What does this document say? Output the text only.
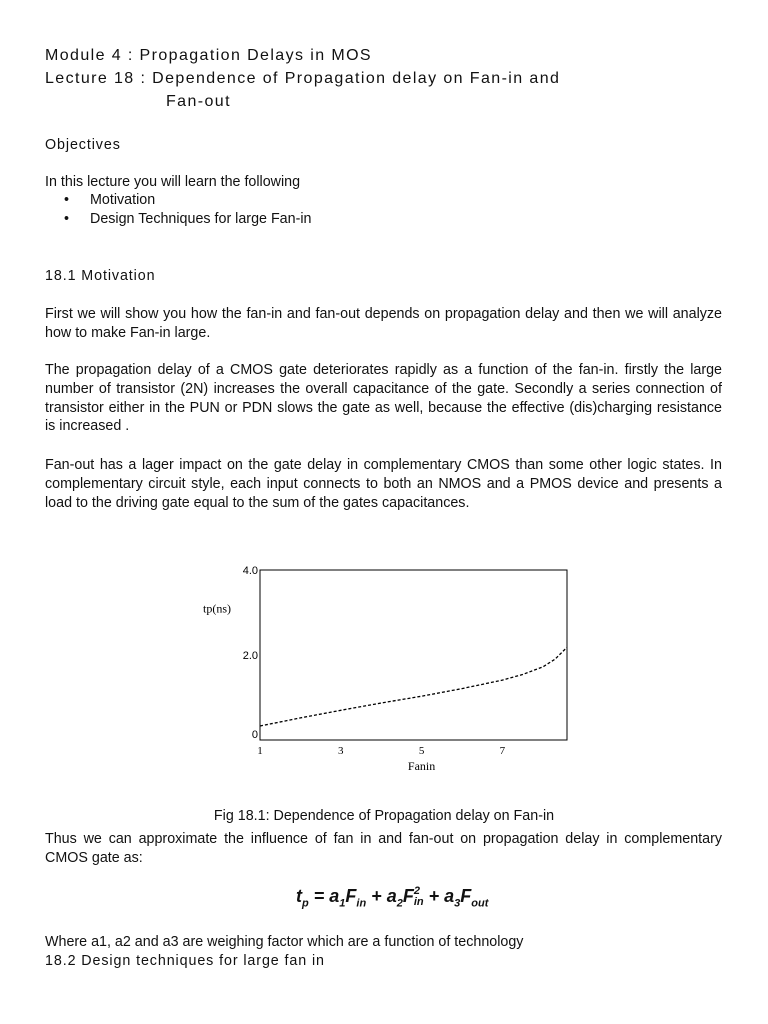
Module 4 : Propagation Delays in MOS
Lecture 18 : Dependence of Propagation delay on Fan-in and
Fan-out

Objectives

In this lecture you will learn the following

• Motivation
• Design Techniques for large Fan-in

18.1 Motivation

First we will show you how the fan-in and fan-out depends on propagation delay and then we will analyze how to make Fan-in large.

The propagation delay of a CMOS gate deteriorates rapidly as a function of the fan-in. firstly the large number of transistor (2N) increases the overall capacitance of the gate. Secondly a series connection of transistor either in the PUN or PDN slows the gate as well, because the effective (dis)charging resistance is increased .

Fan-out has a lager impact on the gate delay in complementary CMOS than some other logic states. In complementary circuit style, each input connects to both an NMOS and a PMOS device and presents a load to the driving gate equal to the sum of the gates capacitances.

1	3	5	7
0
2.0
4.0
Fanin
tp(ns)

Fig 18.1: Dependence of Propagation delay on Fan-in

Thus we can approximate the influence of fan in and fan-out on propagation delay in complementary CMOS gate as:

$t_p = a_1F_{in} + a_2F$ 2
in + $a_3F_{out}$

Where a1, a2 and a3 are weighing factor which are a function of technology

18.2 Design techniques for large fan in
